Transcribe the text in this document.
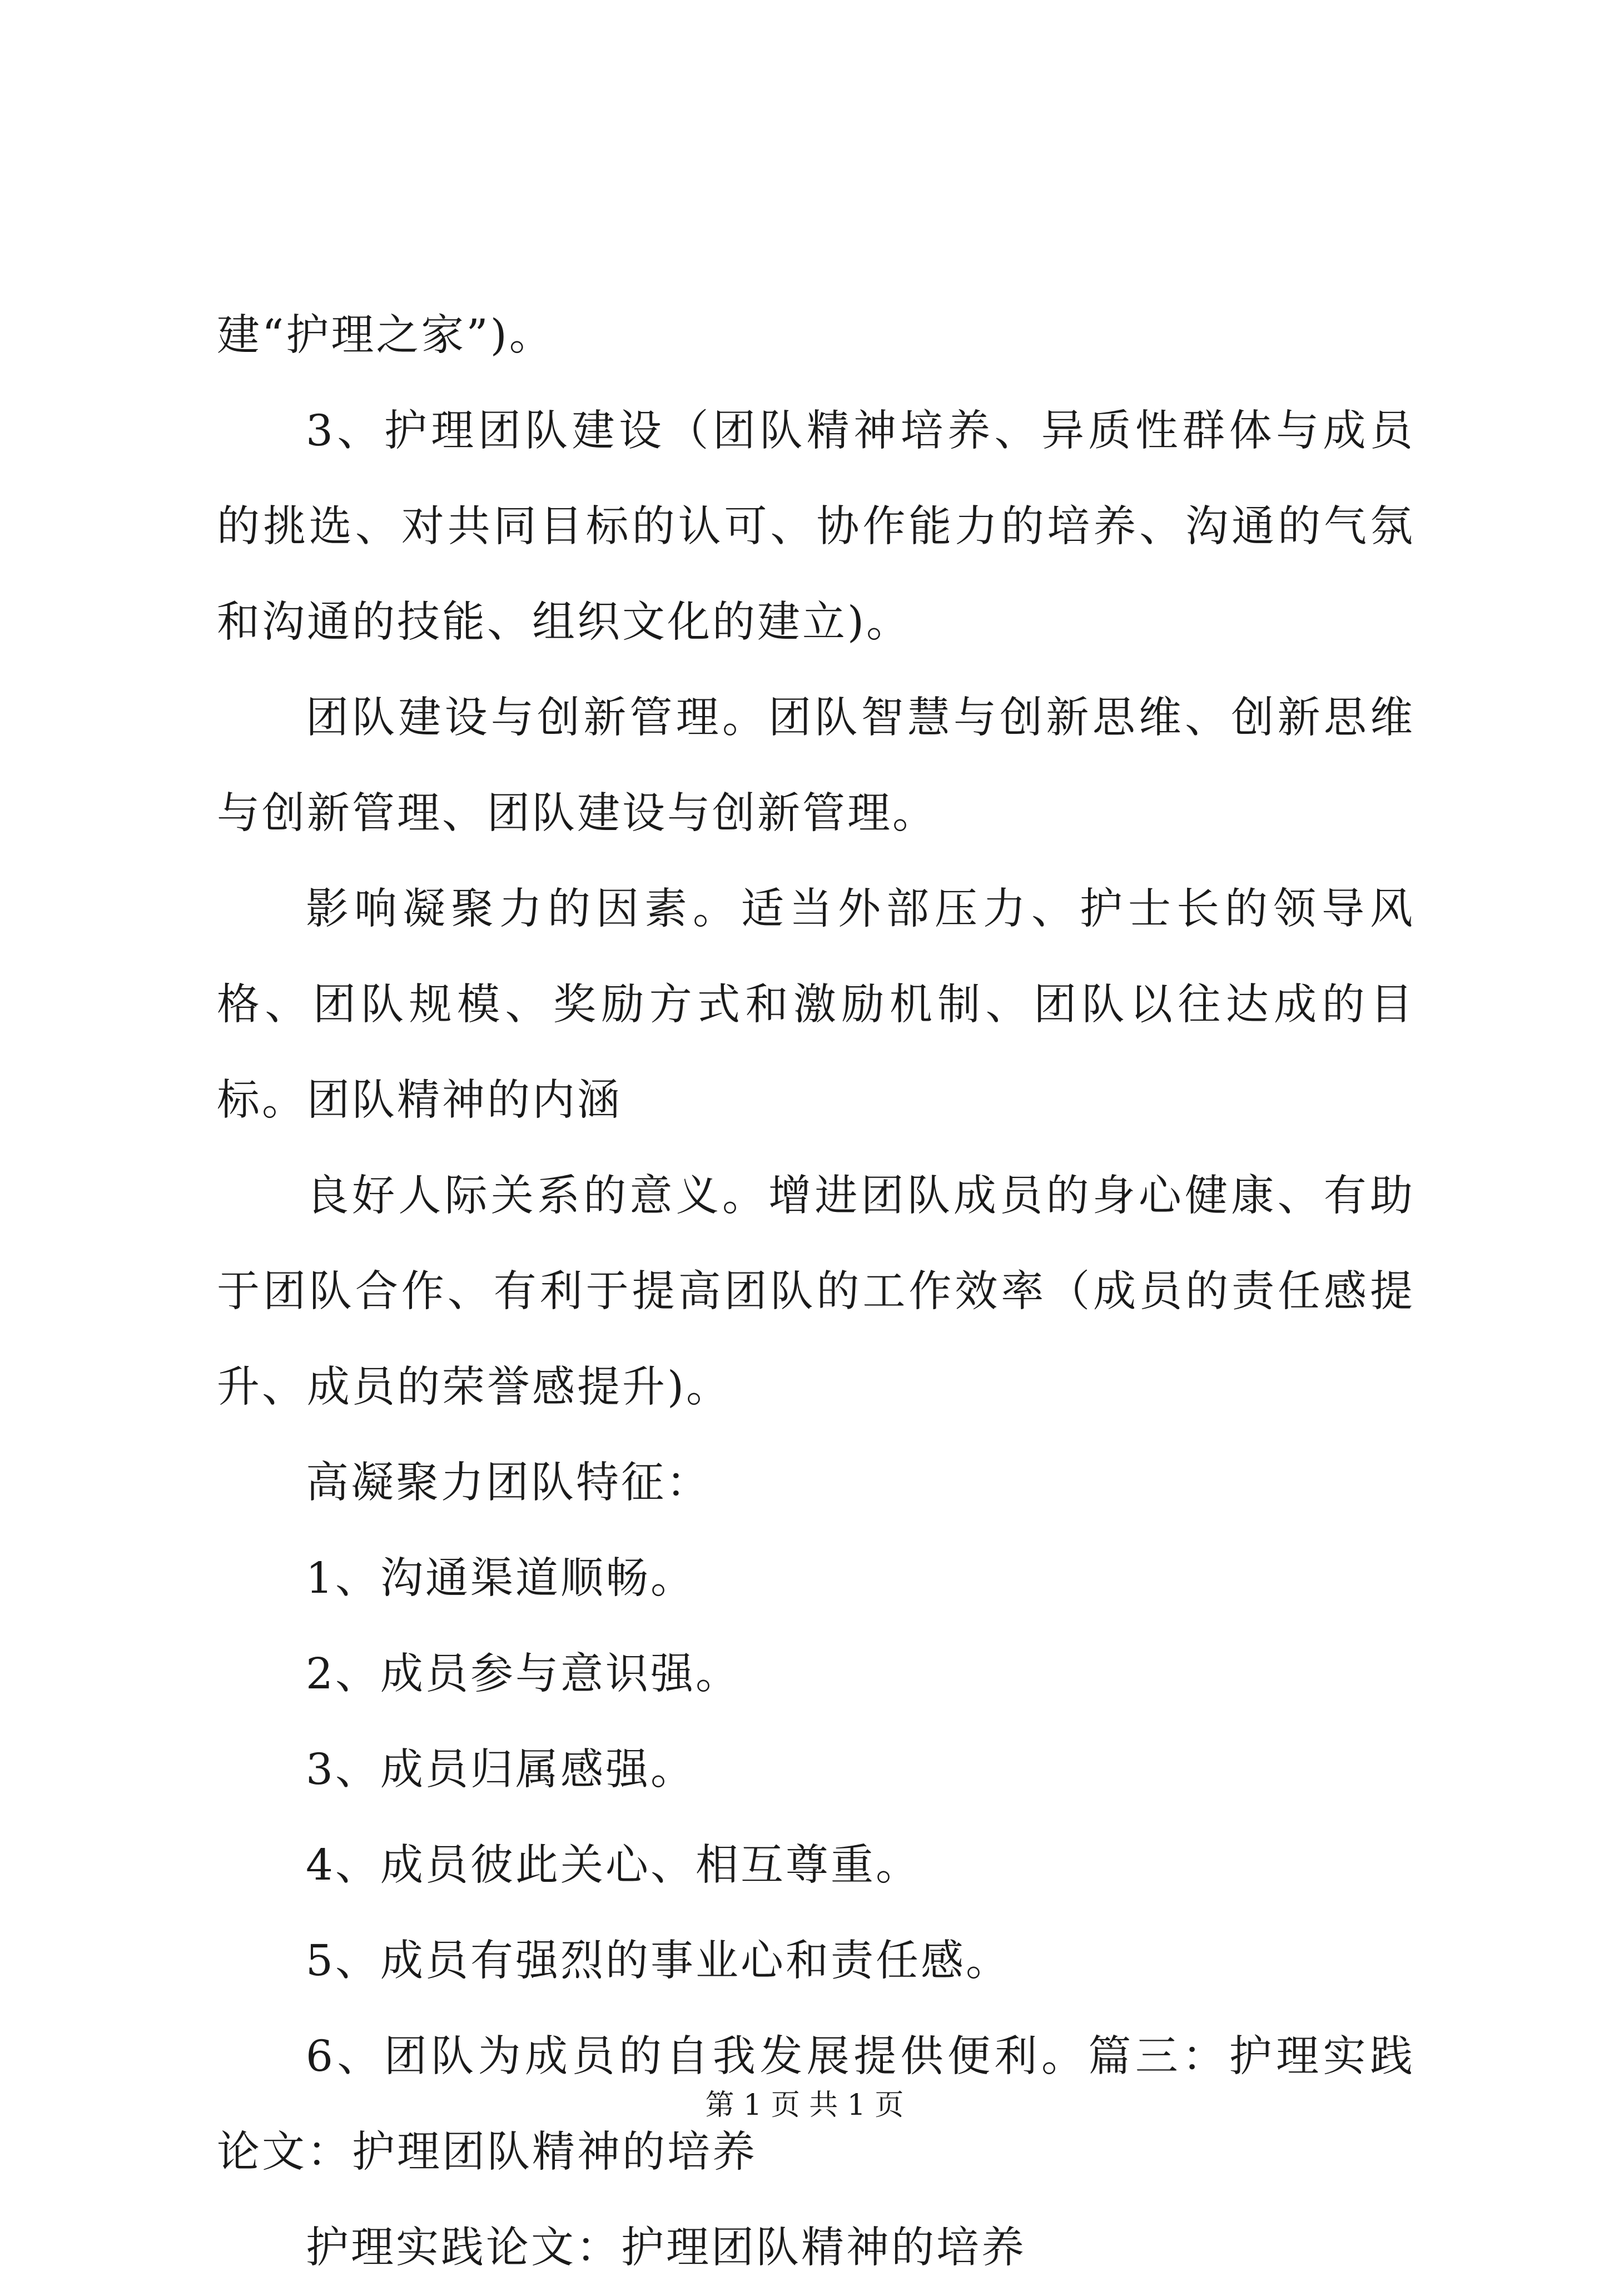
建“护理之家”)。

3、护理团队建设（团队精神培养、异质性群体与成员的挑选、对共同目标的认可、协作能力的培养、沟通的气氛和沟通的技能、组织文化的建立)。

团队建设与创新管理。团队智慧与创新思维、创新思维与创新管理、团队建设与创新管理。

影响凝聚力的因素。适当外部压力、护士长的领导风格、团队规模、奖励方式和激励机制、团队以往达成的目标。团队精神的内涵

良好人际关系的意义。增进团队成员的身心健康、有助于团队合作、有利于提高团队的工作效率（成员的责任感提升、成员的荣誉感提升)。

高凝聚力团队特征：

1、沟通渠道顺畅。

2、成员参与意识强。

3、成员归属感强。

4、成员彼此关心、相互尊重。

5、成员有强烈的事业心和责任感。

6、团队为成员的自我发展提供便利。篇三：护理实践论文：护理团队精神的培养

护理实践论文：护理团队精神的培养

第 1 页 共 1 页
